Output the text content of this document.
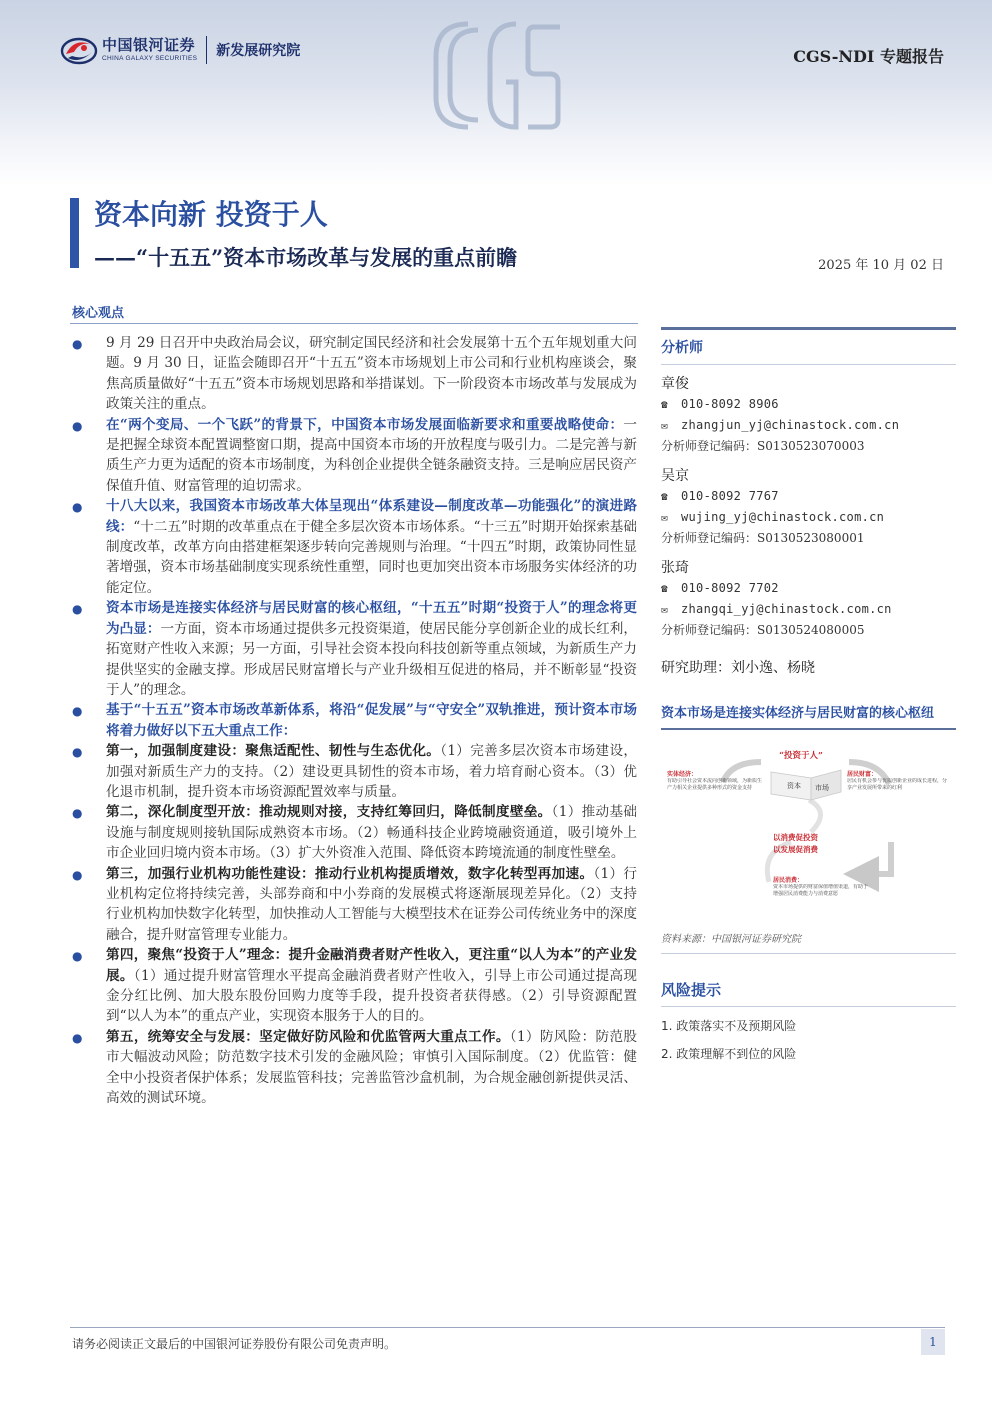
中国银河证券
CHINA GALAXY SECURITIES 新发展研究院	CGS-NDI 专题报告
资本向新 投资于人
——“十五五”资本市场改革与发展的重点前瞻	2025 年 10 月 02 日
核心观点
● 9 月 29 日召开中央政治局会议，研究制定国民经济和社会发展第十五个五年规划重大问题。9 月 30 日，证监会随即召开“十五五”资本市场规划上市公司和行业机构座谈会，聚焦高质量做好“十五五”资本市场规划思路和举措谋划。下一阶段资本市场改革与发展成为政策关注的重点。
● 在“两个变局、一个飞跃”的背景下，中国资本市场发展面临新要求和重要战略使命：一是把握全球资本配置调整窗口期，提高中国资本市场的开放程度与吸引力。二是完善与新质生产力更为适配的资本市场制度，为科创企业提供全链条融资支持。三是响应居民资产保值升值、财富管理的迫切需求。
● 十八大以来，我国资本市场改革大体呈现出“体系建设—制度改革—功能强化”的演进路线：“十二五”时期的改革重点在于健全多层次资本市场体系。“十三五”时期开始探索基础制度改革，改革方向由搭建框架逐步转向完善规则与治理。“十四五”时期，政策协同性显著增强，资本市场基础制度实现系统性重塑，同时也更加突出资本市场服务实体经济的功能定位。
● 资本市场是连接实体经济与居民财富的核心枢纽，“十五五”时期“投资于人”的理念将更为凸显：一方面，资本市场通过提供多元投资渠道，使居民能分享创新企业的成长红利，拓宽财产性收入来源；另一方面，引导社会资本投向科技创新等重点领域，为新质生产力提供坚实的金融支撑。形成居民财富增长与产业升级相互促进的格局，并不断彰显“投资于人”的理念。
● 基于“十五五”资本市场改革新体系，将沿“促发展”与“守安全”双轨推进，预计资本市场将着力做好以下五大重点工作：
● 第一，加强制度建设：聚焦适配性、韧性与生态优化。（1）完善多层次资本市场建设，加强对新质生产力的支持。（2）建设更具韧性的资本市场，着力培育耐心资本。（3）优化退市机制，提升资本市场资源配置效率与质量。
● 第二，深化制度型开放：推动规则对接，支持红筹回归，降低制度壁垒。（1）推动基础设施与制度规则接轨国际成熟资本市场。（2）畅通科技企业跨境融资通道，吸引境外上市企业回归境内资本市场。（3）扩大外资准入范围、降低资本跨境流通的制度性壁垒。
● 第三，加强行业机构功能性建设：推动行业机构提质增效，数字化转型再加速。（1）行业机构定位将持续完善，头部券商和中小券商的发展模式将逐渐展现差异化。（2）支持行业机构加快数字化转型，加快推动人工智能与大模型技术在证券公司传统业务中的深度融合，提升财富管理专业能力。
● 第四，聚焦“投资于人”理念：提升金融消费者财产性收入，更注重“以人为本”的产业发展。（1）通过提升财富管理水平提高金融消费者财产性收入，引导上市公司通过提高现金分红比例、加大股东股份回购力度等手段，提升投资者获得感。（2）引导资源配置到“以人为本”的重点产业，实现资本服务于人的目的。
● 第五，统筹安全与发展：坚定做好防风险和优监管两大重点工作。（1）防风险：防范股市大幅波动风险；防范数字技术引发的金融风险；审慎引入国际制度。（2）优监管：健全中小投资者保护体系；发展监管科技；完善监管沙盒机制，为合规金融创新提供灵活、高效的测试环境。
分析师
章俊
☎ 010-8092 8906
✉ zhangjun_yj@chinastock.com.cn
分析师登记编码：S0130523070003
吴京
☎ 010-8092 7767
✉ wujing_yj@chinastock.com.cn
分析师登记编码：S0130523080001
张琦
☎ 010-8092 7702
✉ zhangqi_yj@chinastock.com.cn
分析师登记编码：S0130524080005
研究助理：刘小逸、杨晓
资本市场是连接实体经济与居民财富的核心枢纽
“投资于人”
资本 市场
实体经济：
有助引导社会资本流向创新领域，为新质生产力相关企业提供多种形式的资金支持
居民财富：
居民有机会参与优质创新企业的成长进程，分享产业发展所带来的红利
以消费促投资
以发展促消费
居民消费：
资本市场提供的财富保值增值渠道，有助于增强居民消费能力与消费意愿
资料来源：中国银河证券研究院
风险提示
1. 政策落实不及预期风险
2. 政策理解不到位的风险
请务必阅读正文最后的中国银河证券股份有限公司免责声明。	1
